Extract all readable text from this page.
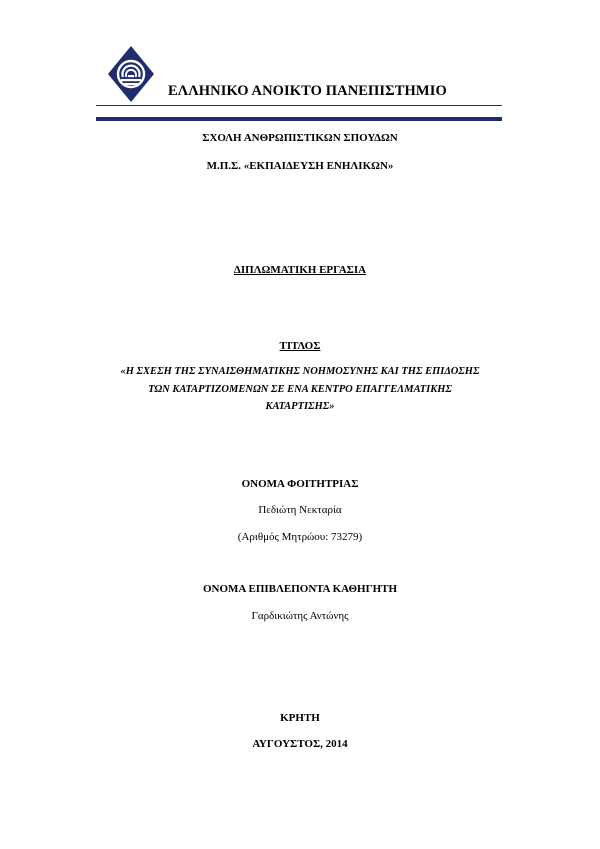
ΕΛΛΗΝΙΚΟ ΑΝΟΙΚΤΟ ΠΑΝΕΠΙΣΤΗΜΙΟ
ΣΧΟΛΗ ΑΝΘΡΩΠΙΣΤΙΚΩΝ ΣΠΟΥΔΩΝ
Μ.Π.Σ. «ΕΚΠΑΙΔΕΥΣΗ ΕΝΗΛΙΚΩΝ»
ΔΙΠΛΩΜΑΤΙΚΗ ΕΡΓΑΣΙΑ
ΤΙΤΛΟΣ
«Η ΣΧΕΣΗ ΤΗΣ ΣΥΝΑΙΣΘΗΜΑΤΙΚΗΣ ΝΟΗΜΟΣΥΝΗΣ ΚΑΙ ΤΗΣ ΕΠΙΔΟΣΗΣ
ΤΩΝ ΚΑΤΑΡΤΙΖΟΜΕΝΩΝ ΣΕ ΕΝΑ ΚΕΝΤΡΟ ΕΠΑΓΓΕΛΜΑΤΙΚΗΣ
ΚΑΤΑΡΤΙΣΗΣ»
ΟΝΟΜΑ ΦΟΙΤΗΤΡΙΑΣ
Πεδιώτη Νεκταρία
(Αριθμός Μητρώου: 73279)
ΟΝΟΜΑ ΕΠΙΒΛΕΠΟΝΤΑ ΚΑΘΗΓΗΤΗ
Γαρδικιώτης Αντώνης
ΚΡΗΤΗ
ΑΥΓΟΥΣΤΟΣ, 2014
